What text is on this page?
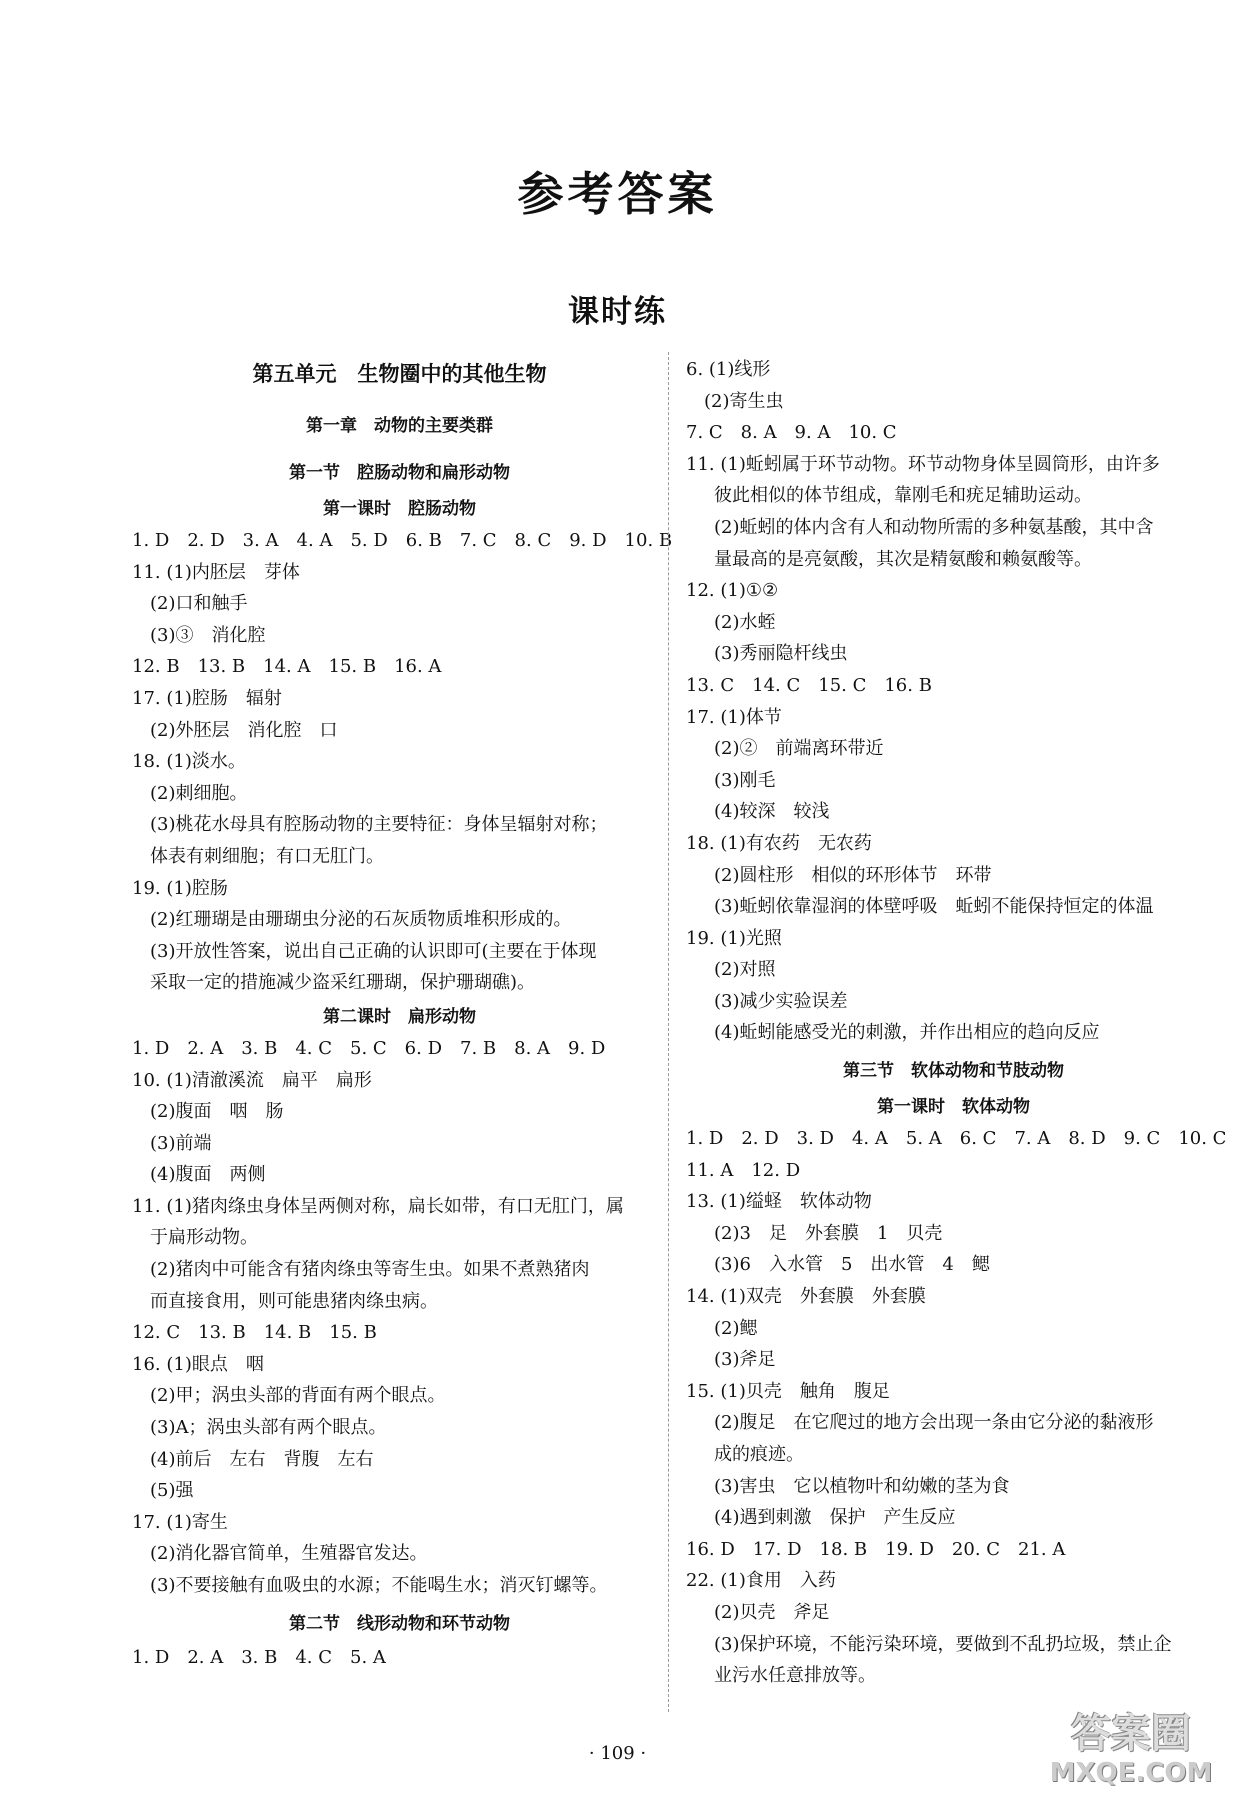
参考答案
课时练
第五单元　生物圈中的其他生物
第一章　动物的主要类群
第一节　腔肠动物和扁形动物
第一课时　腔肠动物
1. D　2. D　3. A　4. A　5. D　6. B　7. C　8. C　9. D　10. B
11. (1)内胚层　芽体
(2)口和触手
(3)③　消化腔
12. B　13. B　14. A　15. B　16. A
17. (1)腔肠　辐射
(2)外胚层　消化腔　口
18. (1)淡水。
(2)刺细胞。
(3)桃花水母具有腔肠动物的主要特征：身体呈辐射对称；
体表有刺细胞；有口无肛门。
19. (1)腔肠
(2)红珊瑚是由珊瑚虫分泌的石灰质物质堆积形成的。
(3)开放性答案，说出自己正确的认识即可(主要在于体现
采取一定的措施减少盗采红珊瑚，保护珊瑚礁)。
第二课时　扁形动物
1. D　2. A　3. B　4. C　5. C　6. D　7. B　8. A　9. D
10. (1)清澈溪流　扁平　扁形
(2)腹面　咽　肠
(3)前端
(4)腹面　两侧
11. (1)猪肉绦虫身体呈两侧对称，扁长如带，有口无肛门，属
于扁形动物。
(2)猪肉中可能含有猪肉绦虫等寄生虫。如果不煮熟猪肉
而直接食用，则可能患猪肉绦虫病。
12. C　13. B　14. B　15. B
16. (1)眼点　咽
(2)甲；涡虫头部的背面有两个眼点。
(3)A；涡虫头部有两个眼点。
(4)前后　左右　背腹　左右
(5)强
17. (1)寄生
(2)消化器官简单，生殖器官发达。
(3)不要接触有血吸虫的水源；不能喝生水；消灭钉螺等。
第二节　线形动物和环节动物
1. D　2. A　3. B　4. C　5. A
6. (1)线形
(2)寄生虫
7. C　8. A　9. A　10. C
11. (1)蚯蚓属于环节动物。环节动物身体呈圆筒形，由许多
彼此相似的体节组成，靠刚毛和疣足辅助运动。
(2)蚯蚓的体内含有人和动物所需的多种氨基酸，其中含
量最高的是亮氨酸，其次是精氨酸和赖氨酸等。
12. (1)①②
(2)水蛭
(3)秀丽隐杆线虫
13. C　14. C　15. C　16. B
17. (1)体节
(2)②　前端离环带近
(3)刚毛
(4)较深　较浅
18. (1)有农药　无农药
(2)圆柱形　相似的环形体节　环带
(3)蚯蚓依靠湿润的体壁呼吸　蚯蚓不能保持恒定的体温
19. (1)光照
(2)对照
(3)减少实验误差
(4)蚯蚓能感受光的刺激，并作出相应的趋向反应
第三节　软体动物和节肢动物
第一课时　软体动物
1. D　2. D　3. D　4. A　5. A　6. C　7. A　8. D　9. C　10. C
11. A　12. D
13. (1)缢蛏　软体动物
(2)3　足　外套膜　1　贝壳
(3)6　入水管　5　出水管　4　鳃
14. (1)双壳　外套膜　外套膜
(2)鳃
(3)斧足
15. (1)贝壳　触角　腹足
(2)腹足　在它爬过的地方会出现一条由它分泌的黏液形
成的痕迹。
(3)害虫　它以植物叶和幼嫩的茎为食
(4)遇到刺激　保护　产生反应
16. D　17. D　18. B　19. D　20. C　21. A
22. (1)食用　入药
(2)贝壳　斧足
(3)保护环境，不能污染环境，要做到不乱扔垃圾，禁止企
业污水任意排放等。
· 109 ·	答案圈
MXQE.COM
